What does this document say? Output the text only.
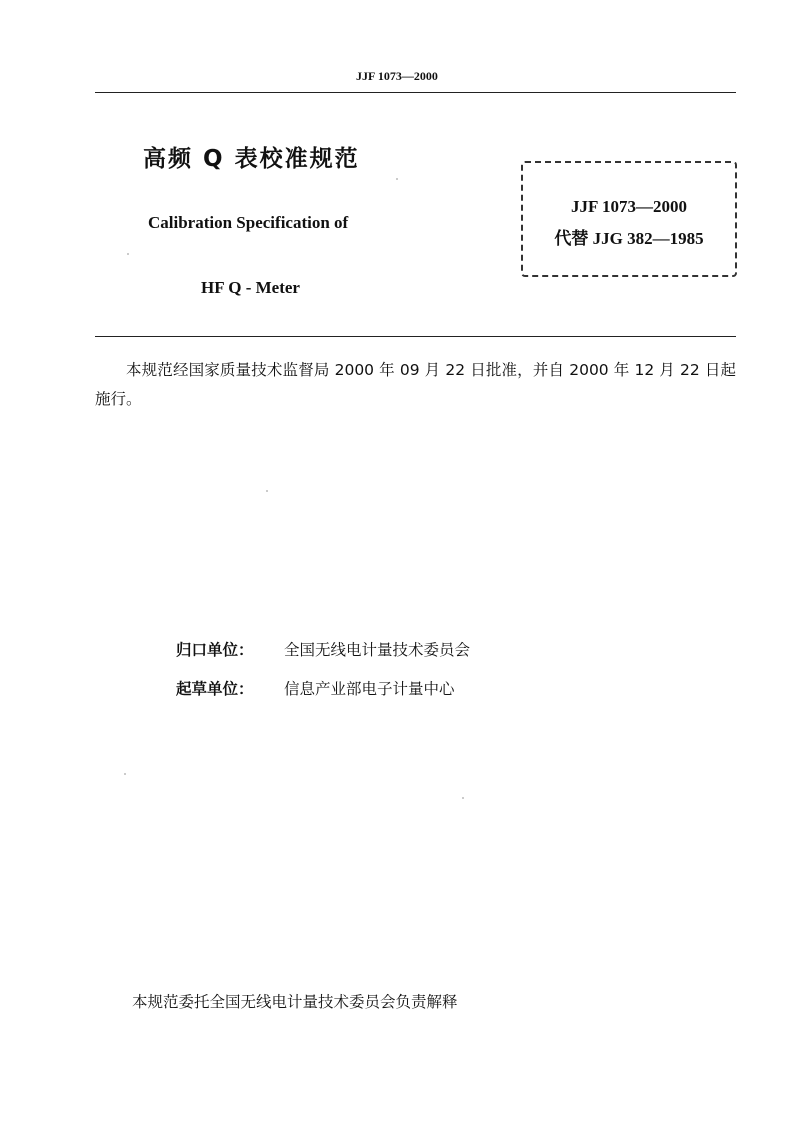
JJF 1073—2000
高频 Q 表校准规范
Calibration Specification of
HF Q - Meter
JJF 1073—2000
代替 JJG 382—1985
本规范经国家质量技术监督局 2000 年 09 月 22 日批准，并自 2000 年 12 月 22 日起施行。
归口单位： 全国无线电计量技术委员会
起草单位： 信息产业部电子计量中心
本规范委托全国无线电计量技术委员会负责解释
